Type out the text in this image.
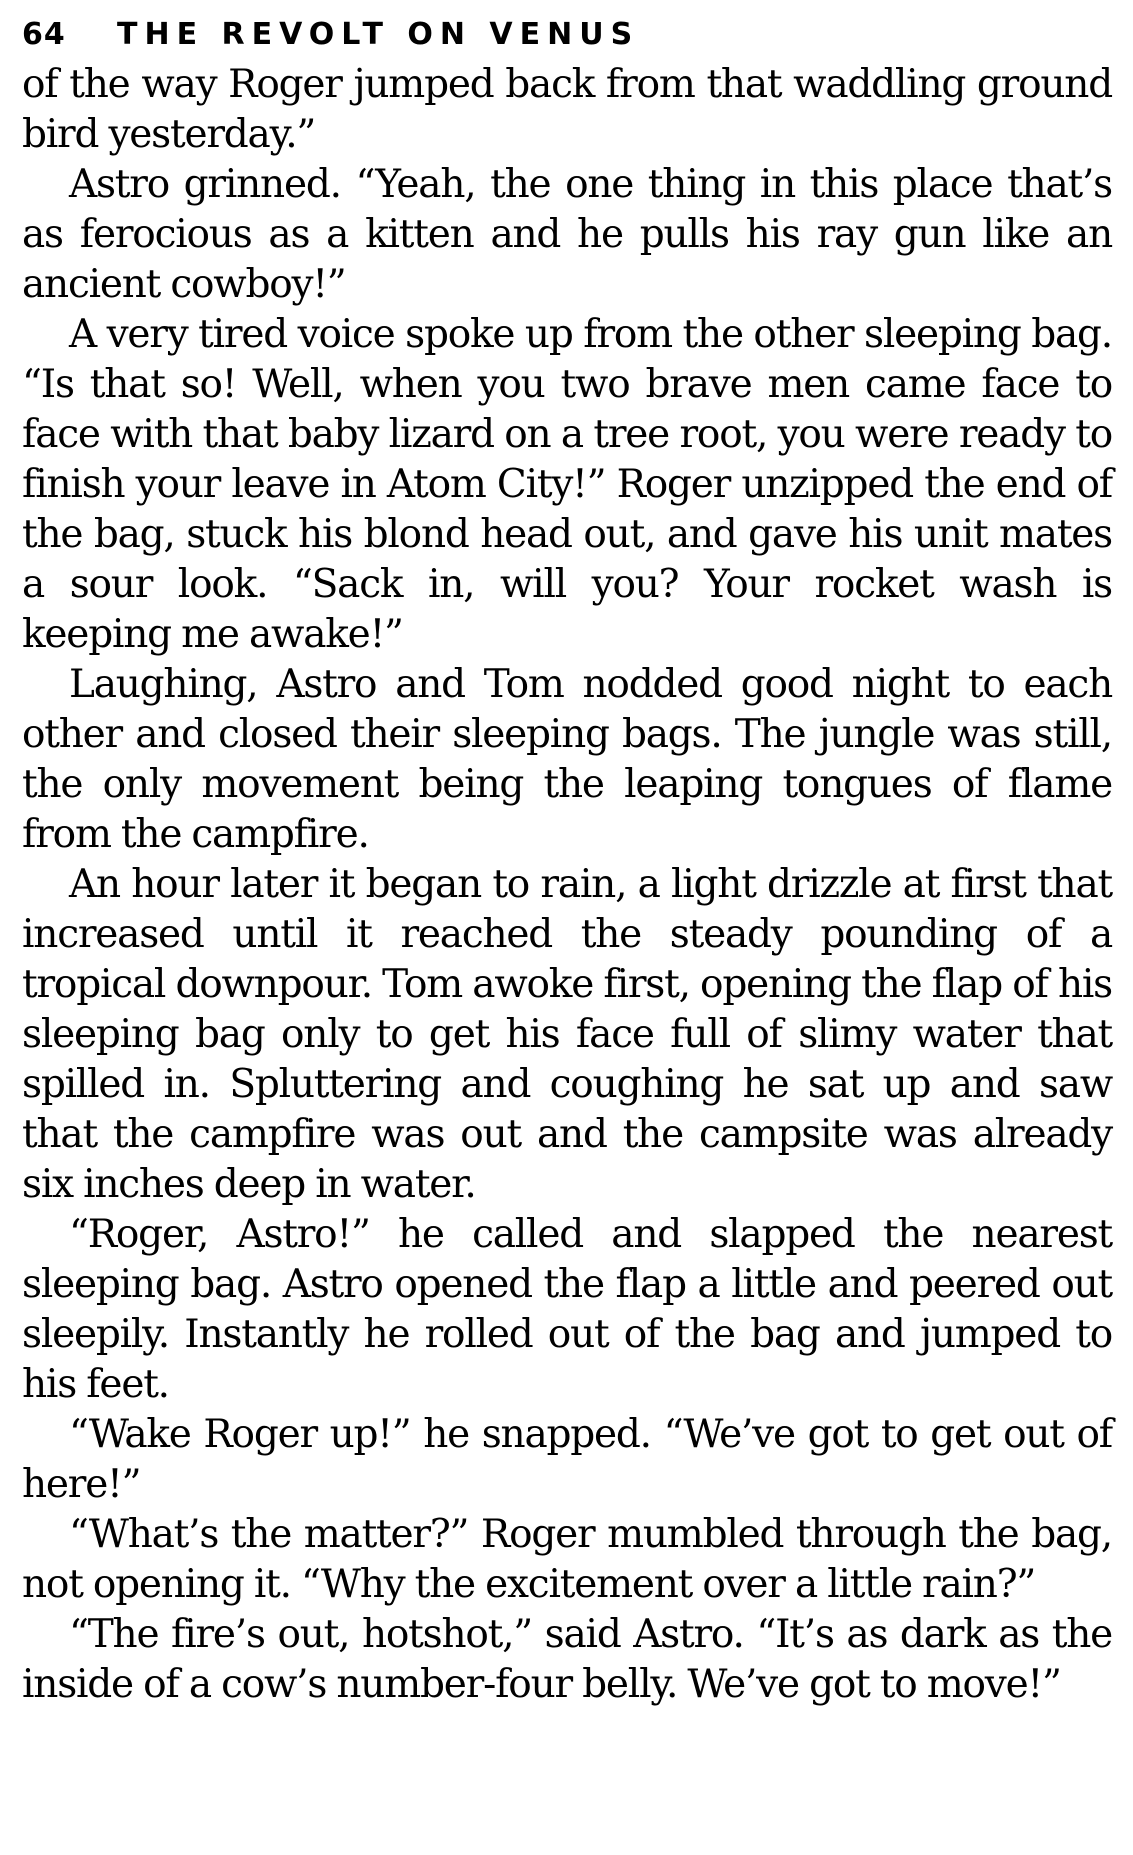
64	THE REVOLT ON VENUS

of the way Roger jumped back from that waddling ground bird yesterday.”

Astro grinned. “Yeah, the one thing in this place that’s as ferocious as a kitten and he pulls his ray gun like an ancient cowboy!”

A very tired voice spoke up from the other sleeping bag. “Is that so! Well, when you two brave men came face to face with that baby lizard on a tree root, you were ready to finish your leave in Atom City!” Roger unzipped the end of the bag, stuck his blond head out, and gave his unit mates a sour look. “Sack in, will you? Your rocket wash is keeping me awake!”

Laughing, Astro and Tom nodded good night to each other and closed their sleeping bags. The jungle was still, the only movement being the leaping tongues of flame from the campfire.

An hour later it began to rain, a light drizzle at first that increased until it reached the steady pounding of a tropical downpour. Tom awoke first, opening the flap of his sleeping bag only to get his face full of slimy water that spilled in. Spluttering and coughing he sat up and saw that the campfire was out and the campsite was already six inches deep in water.

“Roger, Astro!” he called and slapped the nearest sleeping bag. Astro opened the flap a little and peered out sleepily. Instantly he rolled out of the bag and jumped to his feet.

“Wake Roger up!” he snapped. “We’ve got to get out of here!”

“What’s the matter?” Roger mumbled through the bag, not opening it. “Why the excitement over a little rain?”

“The fire’s out, hotshot,” said Astro. “It’s as dark as the inside of a cow’s number-four belly. We’ve got to move!”
